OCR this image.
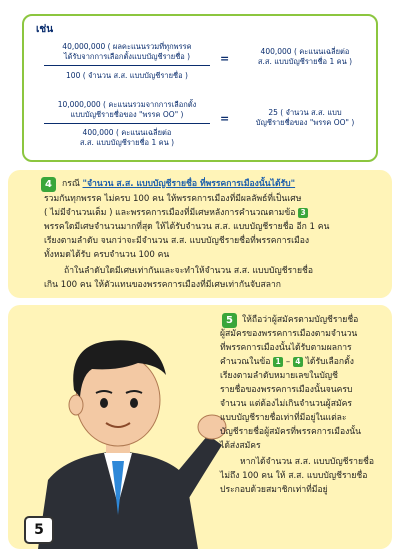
เช่น
40,000,000 ( ผลคะแนนรวมที่ทุกพรรค
ได้รับจากการเลือกตั้งแบบบัญชีรายชื่อ )
100 ( จำนวน ส.ส. แบบบัญชีรายชื่อ )
=
400,000 ( คะแนนเฉลี่ยต่อ
ส.ส. แบบบัญชีรายชื่อ 1 คน )
10,000,000 ( คะแนนรวมจากการเลือกตั้ง
แบบบัญชีรายชื่อของ "พรรค OO" )
400,000 ( คะแนนเฉลี่ยต่อ
ส.ส. แบบบัญชีรายชื่อ 1 คน )
=	25 ( จำนวน ส.ส. แบบ
บัญชีรายชื่อของ "พรรค OO" )
4	กรณี "จำนวน ส.ส. แบบบัญชีรายชื่อ ที่พรรคการเมืองนั้นได้รับ"
รวมกันทุกพรรค ไม่ครบ 100 คน ให้พรรคการเมืองที่มีผลลัพธ์ที่เป็นเศษ
( ไม่มีจำนวนเต็ม ) และพรรคการเมืองที่มีเศษหลังการคำนวณตามข้อ 3
พรรคใดมีเศษจำนวนมากที่สุด ให้ได้รับจำนวน ส.ส. แบบบัญชีรายชื่อ อีก 1 คน
เรียงตามลำดับ จนกว่าจะมีจำนวน ส.ส. แบบบัญชีรายชื่อที่พรรคการเมือง
ทั้งหมดได้รับ ครบจำนวน 100 คน
ถ้าในลำดับใดมีเศษเท่ากันและจะทำให้จำนวน ส.ส. แบบบัญชีรายชื่อ
เกิน 100 คน ให้ตัวแทนของพรรคการเมืองที่มีเศษเท่ากันจับสลาก
5	ให้ถือว่าผู้สมัครตามบัญชีรายชื่อ
ผู้สมัครของพรรคการเมืองตามจำนวน
ที่พรรคการเมืองนั้นได้รับตามผลการ
คำนวณในข้อ 1 – 4 ได้รับเลือกตั้ง
เรียงตามลำดับหมายเลขในบัญชี
รายชื่อของพรรคการเมืองนั้นจนครบ
จำนวน แต่ต้องไม่เกินจำนวนผู้สมัคร
แบบบัญชีรายชื่อเท่าที่มีอยู่ในแต่ละ
บัญชีรายชื่อผู้สมัครที่พรรคการเมืองนั้น
ได้ส่งสมัคร
หากได้จำนวน ส.ส. แบบบัญชีรายชื่อ
ไม่ถึง 100 คน ให้ ส.ส. แบบบัญชีรายชื่อ
ประกอบด้วยสมาชิกเท่าที่มีอยู่
5
